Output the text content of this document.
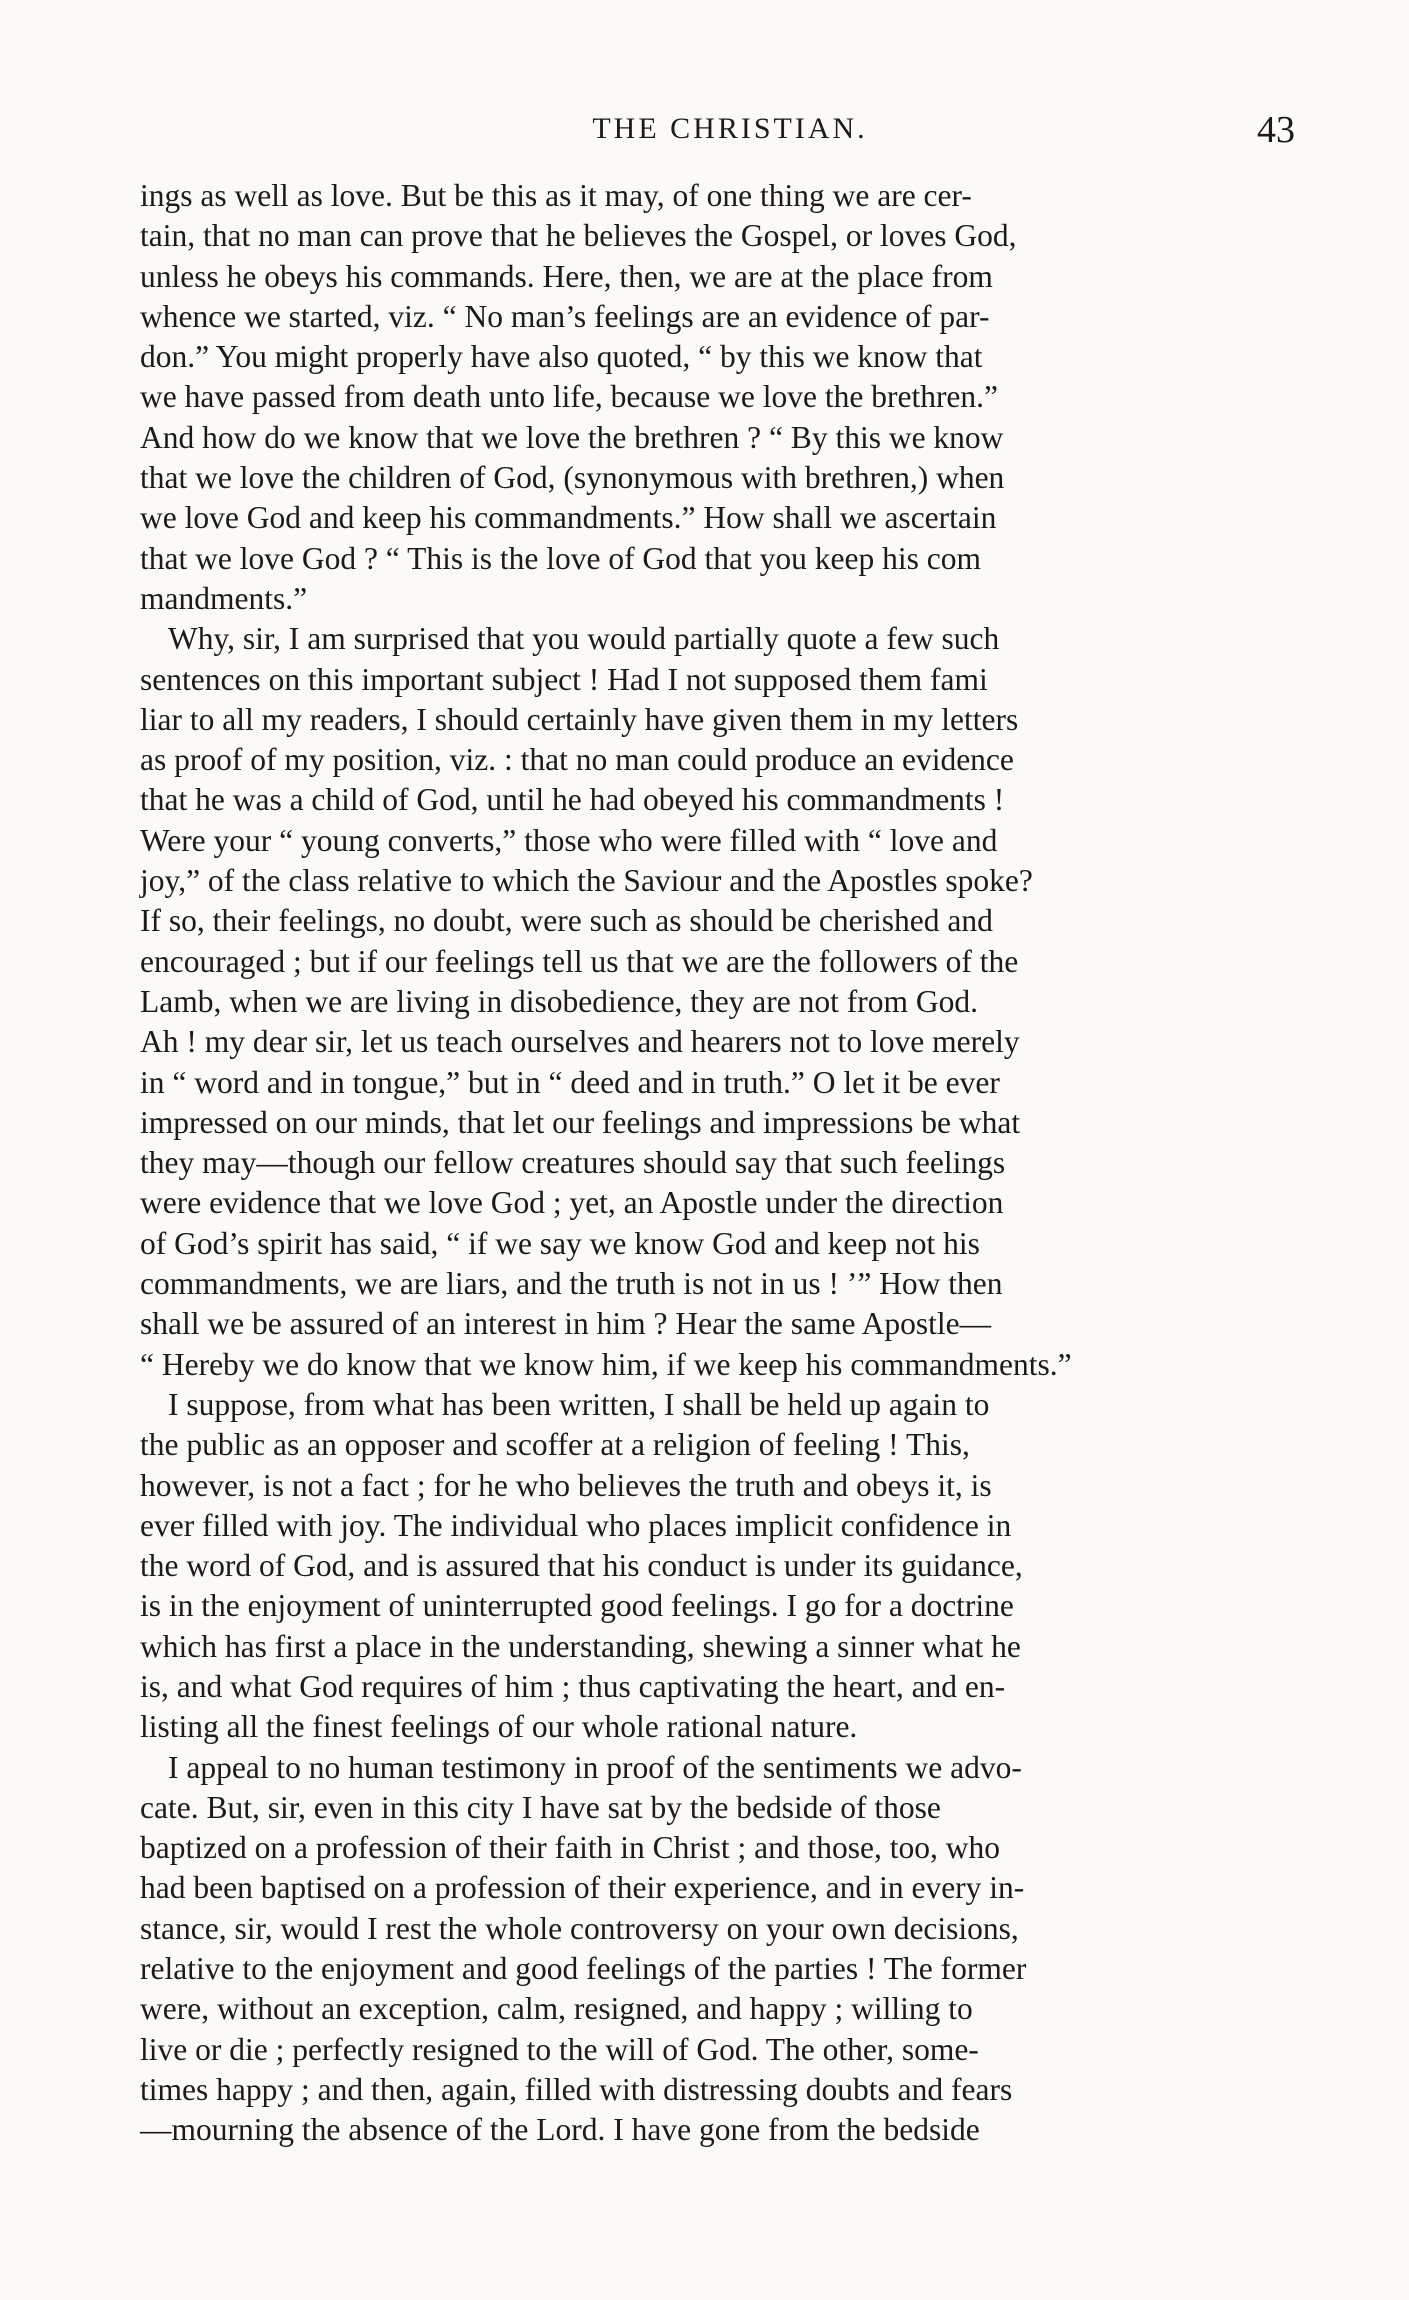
THE CHRISTIAN.	43
ings as well as love. But be this as it may, of one thing we are cer-
tain, that no man can prove that he believes the Gospel, or loves God,
unless he obeys his commands. Here, then, we are at the place from
whence we started, viz. “ No man’s feelings are an evidence of par-
don.” You might properly have also quoted, “ by this we know that
we have passed from death unto life, because we love the brethren.”
And how do we know that we love the brethren ? “ By this we know
that we love the children of God, (synonymous with brethren,) when
we love God and keep his commandments.” How shall we ascertain
that we love God ? “ This is the love of God that you keep his com
mandments.”
Why, sir, I am surprised that you would partially quote a few such
sentences on this important subject ! Had I not supposed them fami
liar to all my readers, I should certainly have given them in my letters
as proof of my position, viz. : that no man could produce an evidence
that he was a child of God, until he had obeyed his commandments !
Were your “ young converts,” those who were filled with “ love and
joy,” of the class relative to which the Saviour and the Apostles spoke?
If so, their feelings, no doubt, were such as should be cherished and
encouraged ; but if our feelings tell us that we are the followers of the
Lamb, when we are living in disobedience, they are not from God.
Ah ! my dear sir, let us teach ourselves and hearers not to love merely
in “ word and in tongue,” but in “ deed and in truth.” O let it be ever
impressed on our minds, that let our feelings and impressions be what
they may—though our fellow creatures should say that such feelings
were evidence that we love God ; yet, an Apostle under the direction
of God’s spirit has said, “ if we say we know God and keep not his
commandments, we are liars, and the truth is not in us ! ’” How then
shall we be assured of an interest in him ? Hear the same Apostle—
“ Hereby we do know that we know him, if we keep his commandments.”
I suppose, from what has been written, I shall be held up again to
the public as an opposer and scoffer at a religion of feeling ! This,
however, is not a fact ; for he who believes the truth and obeys it, is
ever filled with joy. The individual who places implicit confidence in
the word of God, and is assured that his conduct is under its guidance,
is in the enjoyment of uninterrupted good feelings. I go for a doctrine
which has first a place in the understanding, shewing a sinner what he
is, and what God requires of him ; thus captivating the heart, and en-
listing all the finest feelings of our whole rational nature.
I appeal to no human testimony in proof of the sentiments we advo-
cate. But, sir, even in this city I have sat by the bedside of those
baptized on a profession of their faith in Christ ; and those, too, who
had been baptised on a profession of their experience, and in every in-
stance, sir, would I rest the whole controversy on your own decisions,
relative to the enjoyment and good feelings of the parties ! The former
were, without an exception, calm, resigned, and happy ; willing to
live or die ; perfectly resigned to the will of God. The other, some-
times happy ; and then, again, filled with distressing doubts and fears
—mourning the absence of the Lord. I have gone from the bedside
